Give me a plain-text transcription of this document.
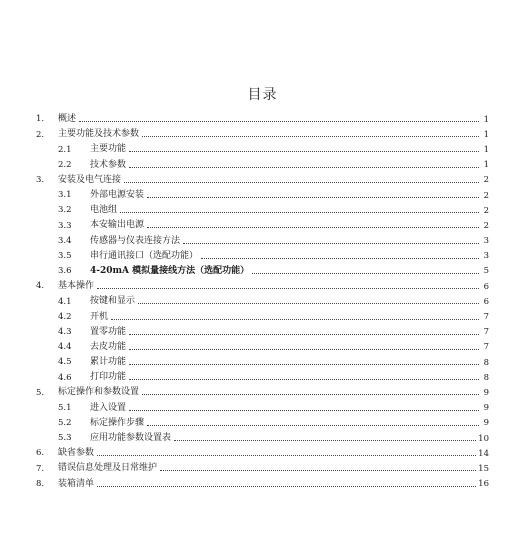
目录
1. 概述	1
2. 主要功能及技术参数	1
2.1 主要功能	1
2.2 技术参数	1
3. 安装及电气连接	2
3.1 外部电源安装	2
3.2 电池组	2
3.3 本安输出电源	2
3.4 传感器与仪表连接方法	3
3.5 串行通讯接口（选配功能）	3
3.6 4-20mA 模拟量接线方法（选配功能）	5
4. 基本操作	6
4.1 按键和显示	6
4.2 开机	7
4.3 置零功能	7
4.4 去皮功能	7
4.5 累计功能	8
4.6 打印功能	8
5. 标定操作和参数设置	9
5.1 进入设置	9
5.2 标定操作步骤	9
5.3 应用功能参数设置表	10
6. 缺省参数	14
7. 错误信息处理及日常维护	15
8. 装箱清单	16
